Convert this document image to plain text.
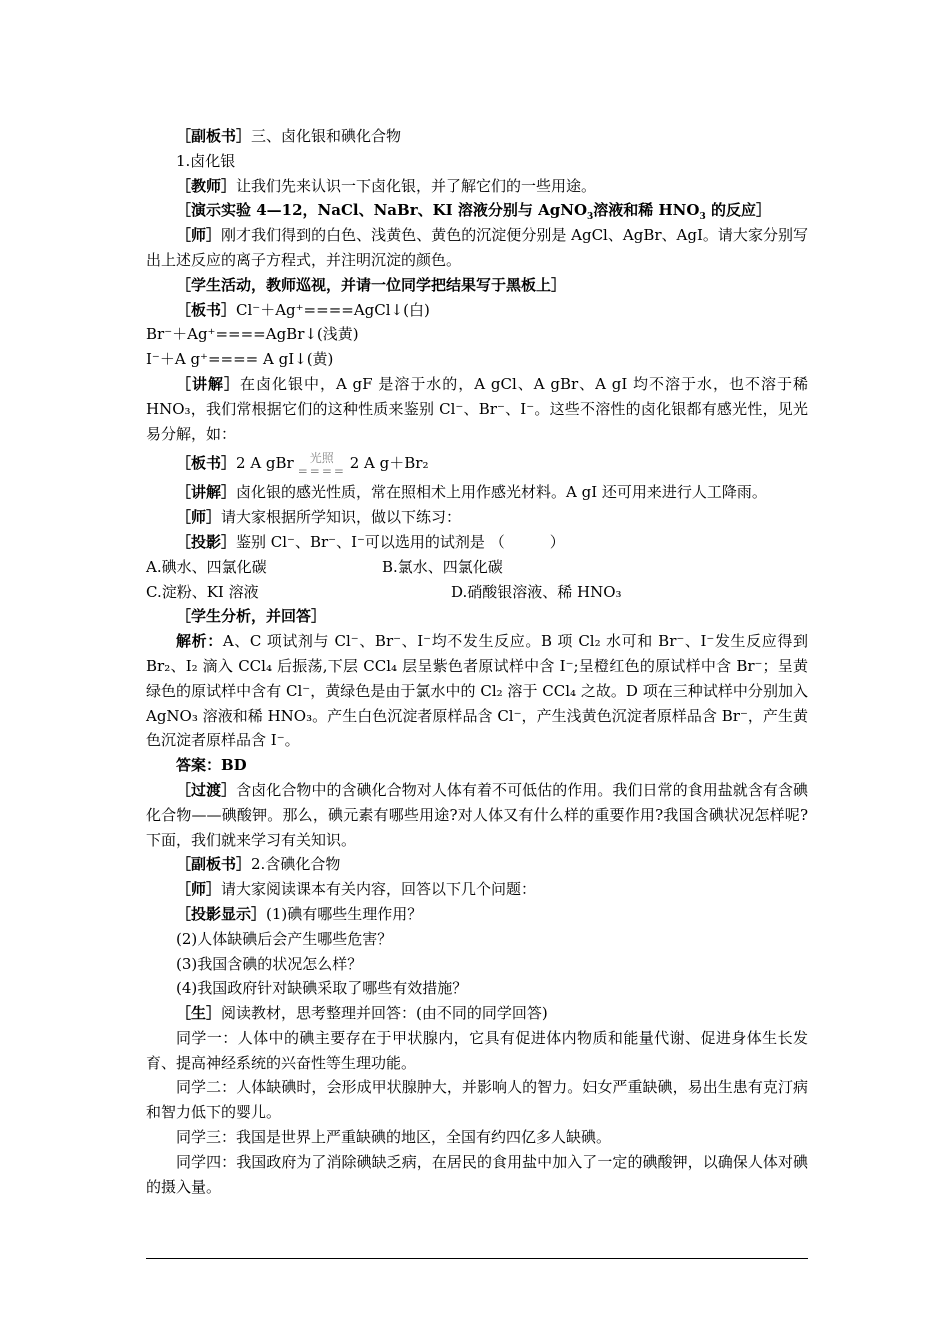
［副板书］三、卤化银和碘化合物
1.卤化银
［教师］让我们先来认识一下卤化银，并了解它们的一些用途。
［演示实验 4—12，NaCl、NaBr、KI 溶液分别与 AgNO$_3$溶液和稀 $HNO_3$ 的反应］
［师］刚才我们得到的白色、浅黄色、黄色的沉淀便分别是 AgCl、AgBr、AgI。请大家分别写出上述反应的离子方程式，并注明沉淀的颜色。
［学生活动，教师巡视，并请一位同学把结果写于黑板上］
［板书］Cl⁻＋Ag⁺====AgCl↓(白)
Br⁻＋Ag⁺====AgBr↓(浅黄)
I⁻＋A g⁺==== A gI↓(黄)
［讲解］在卤化银中，A gF 是溶于水的，A gCl、A gBr、A gI 均不溶于水，也不溶于稀 HNO₃，我们常根据它们的这种性质来鉴别 Cl⁻、Br⁻、I⁻。这些不溶性的卤化银都有感光性，见光易分解，如：
［板书］2 A gBr	光照
==== 2 A g＋Br₂
［讲解］卤化银的感光性质，常在照相术上用作感光材料。A gI 还可用来进行人工降雨。
［师］请大家根据所学知识，做以下练习：
［投影］鉴别 Cl⁻、Br⁻、I⁻可以选用的试剂是 （　　　）
A.碘水、四氯化碳	B.氯水、四氯化碳
C.淀粉、KI 溶液	D.硝酸银溶液、稀 HNO₃
［学生分析，并回答］
解析：A、C 项试剂与 Cl⁻、Br⁻、I⁻均不发生反应。B 项 Cl₂ 水可和 Br⁻、I⁻发生反应得到 Br₂、I₂ 滴入 CCl₄ 后振荡,下层 CCl₄ 层呈紫色者原试样中含 I⁻;呈橙红色的原试样中含 Br⁻；呈黄绿色的原试样中含有 Cl⁻，黄绿色是由于氯水中的 Cl₂ 溶于 CCl₄ 之故。D 项在三种试样中分别加入 AgNO₃ 溶液和稀 HNO₃。产生白色沉淀者原样品含 Cl⁻，产生浅黄色沉淀者原样品含 Br⁻，产生黄色沉淀者原样品含 I⁻。
答案：BD
［过渡］含卤化合物中的含碘化合物对人体有着不可低估的作用。我们日常的食用盐就含有含碘化合物——碘酸钾。那么，碘元素有哪些用途?对人体又有什么样的重要作用?我国含碘状况怎样呢?下面，我们就来学习有关知识。
［副板书］2.含碘化合物
［师］请大家阅读课本有关内容，回答以下几个问题：
［投影显示］(1)碘有哪些生理作用？
(2)人体缺碘后会产生哪些危害？
(3)我国含碘的状况怎么样？
(4)我国政府针对缺碘采取了哪些有效措施？
［生］阅读教材，思考整理并回答：(由不同的同学回答)
同学一：人体中的碘主要存在于甲状腺内，它具有促进体内物质和能量代谢、促进身体生长发育、提高神经系统的兴奋性等生理功能。
同学二：人体缺碘时，会形成甲状腺肿大，并影响人的智力。妇女严重缺碘，易出生患有克汀病和智力低下的婴儿。
同学三：我国是世界上严重缺碘的地区，全国有约四亿多人缺碘。
同学四：我国政府为了消除碘缺乏病，在居民的食用盐中加入了一定的碘酸钾，以确保人体对碘的摄入量。
